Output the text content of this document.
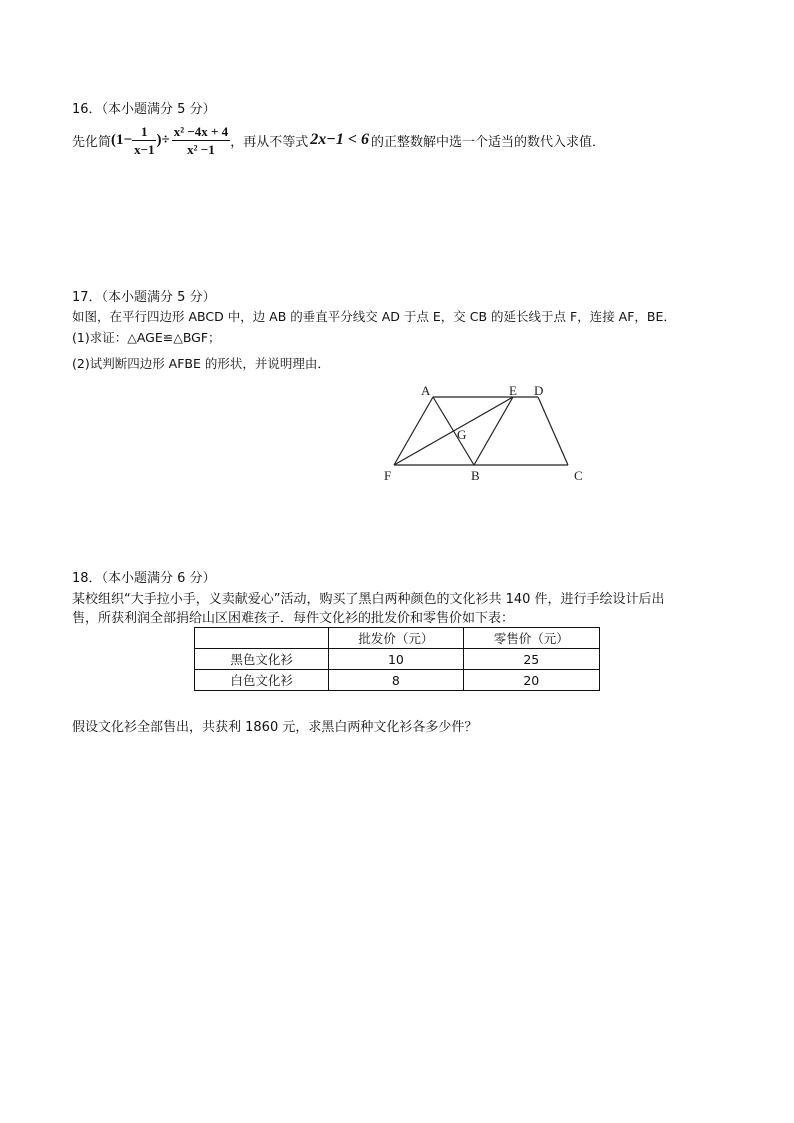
16．（本小题满分 5 分）
先化简 ($1- \frac{1}{x-1}$ )÷ $\frac{\text{x² −4x + 4}}{\text{x² −1}}$ ，再从不等式 2x−1 < 6 的正整数解中选一个适当的数代入求值．
17．（本小题满分 5 分）
如图，在平行四边形 ABCD 中，边 AB 的垂直平分线交 AD 于点 E，交 CB 的延长线于点 F，连接 AF，BE．
(1)求证：△AGE≌△BGF；
(2)试判断四边形 AFBE 的形状，并说明理由．
A	E D
G
F	B	C
18．（本小题满分 6 分）
某校组织“大手拉小手，义卖献爱心”活动，购买了黑白两种颜色的文化衫共 140 件，进行手绘设计后出
售，所获利润全部捐给山区困难孩子．每件文化衫的批发价和零售价如下表：
	批发价（元）	零售价（元）
黑色文化衫	10	25
白色文化衫	8	20
假设文化衫全部售出，共获利 1860 元，求黑白两种文化衫各多少件？
